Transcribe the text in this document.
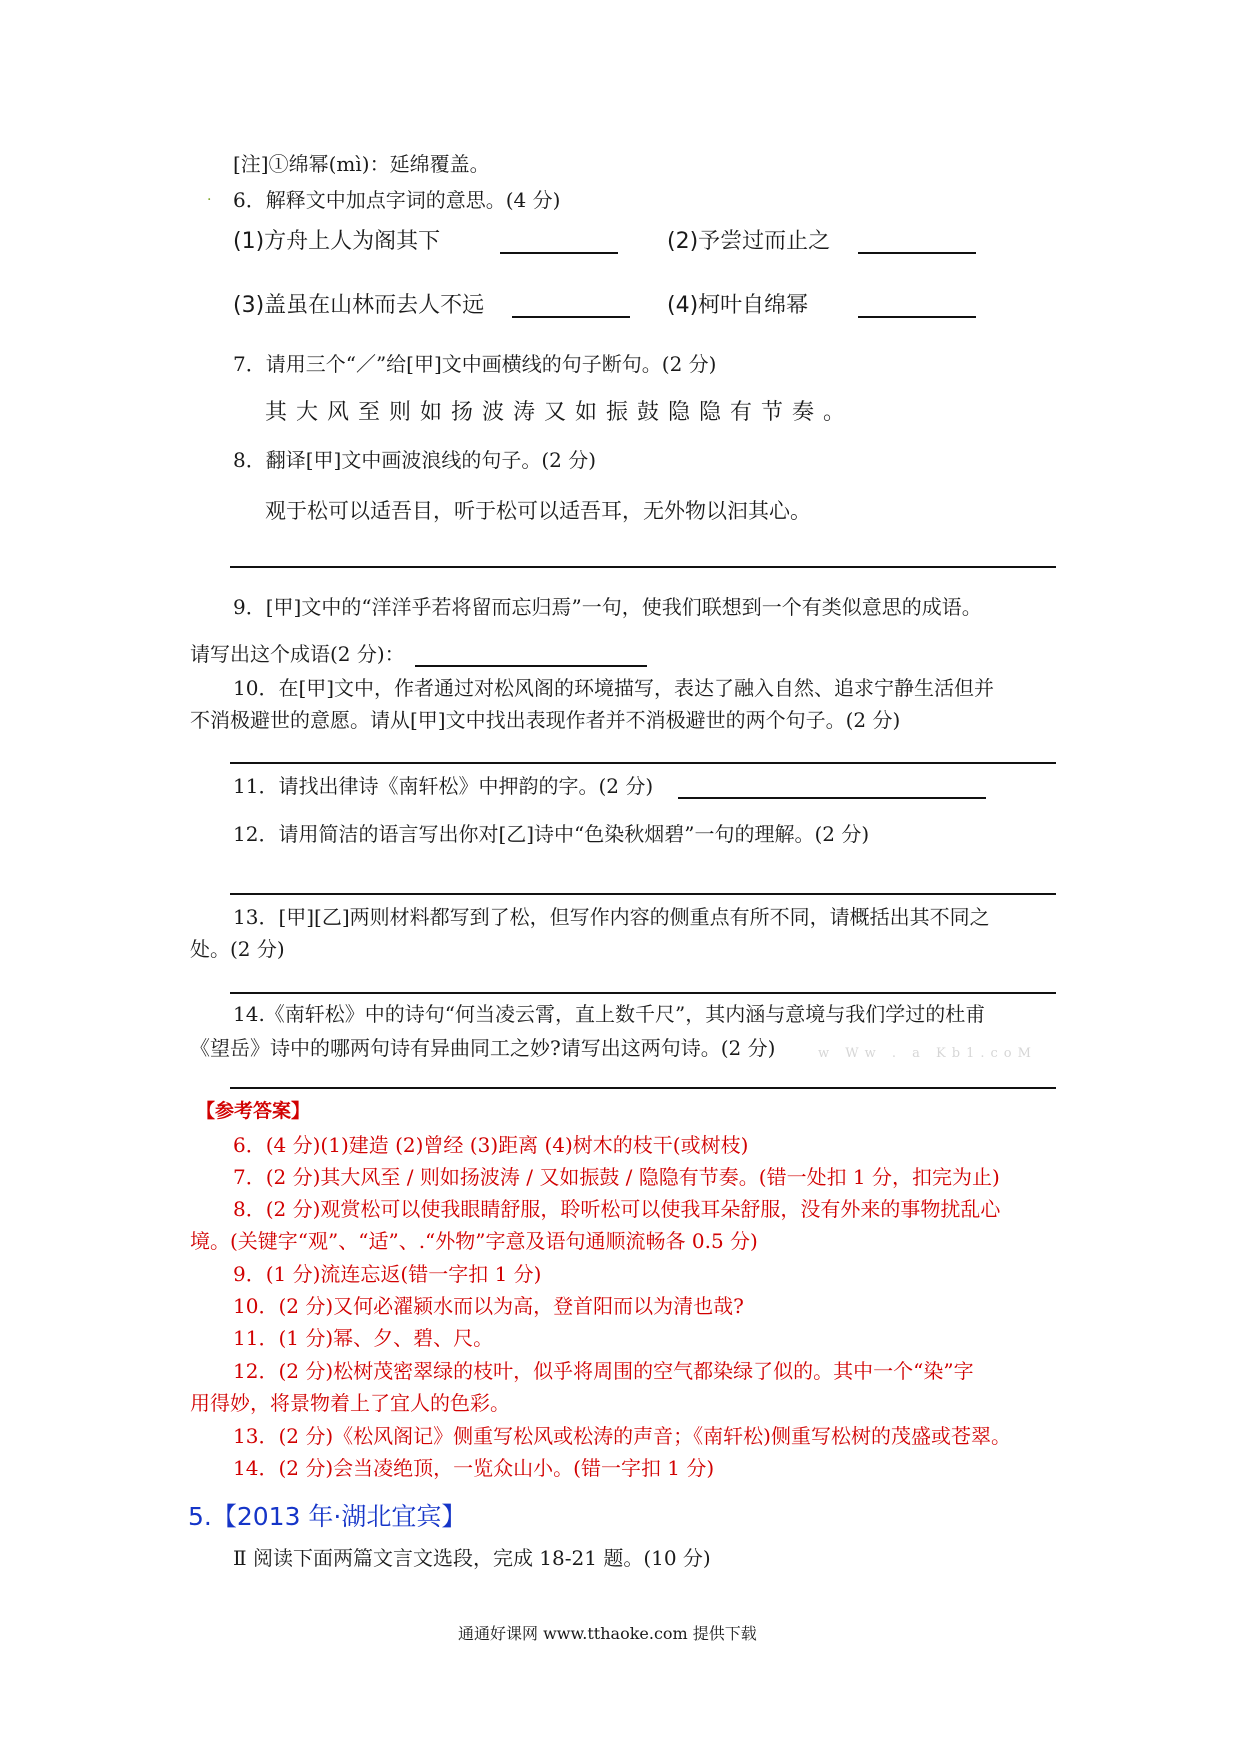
[注]①绵幂(mì)：延绵覆盖。
· 6．解释文中加点字词的意思。(4 分)
(1)方舟上人为阁其下	(2)予尝过而止之
(3)盖虽在山林而去人不远	(4)柯叶自绵幂
7．请用三个“／”给[甲]文中画横线的句子断句。(2 分)
其大风至则如扬波涛又如振鼓隐隐有节奏。
8．翻译[甲]文中画波浪线的句子。(2 分)
观于松可以适吾目，听于松可以适吾耳，无外物以汩其心。
9．[甲]文中的“洋洋乎若将留而忘归焉”一句，使我们联想到一个有类似意思的成语。
请写出这个成语(2 分)：
10．在[甲]文中，作者通过对松风阁的环境描写，表达了融入自然、追求宁静生活但并
不消极避世的意愿。请从[甲]文中找出表现作者并不消极避世的两个句子。(2 分)
11．请找出律诗《南轩松》中押韵的字。(2 分)
12．请用简洁的语言写出你对[乙]诗中“色染秋烟碧”一句的理解。(2 分)
13．[甲][乙]两则材料都写到了松，但写作内容的侧重点有所不同，请概括出其不同之
处。(2 分)
14.《南轩松》中的诗句“何当凌云霄，直上数千尺”，其内涵与意境与我们学过的杜甫
《望岳》诗中的哪两句诗有异曲同工之妙?请写出这两句诗。(2 分)	w Ww . a Kb1.coM
【参考答案】
6．(4 分)(1)建造 (2)曾经 (3)距离 (4)树木的枝干(或树枝)
7．(2 分)其大风至 / 则如扬波涛 / 又如振鼓 / 隐隐有节奏。(错一处扣 1 分，扣完为止)
8．(2 分)观赏松可以使我眼睛舒服，聆听松可以使我耳朵舒服，没有外来的事物扰乱心
境。(关键字“观”、“适”、.“外物”字意及语句通顺流畅各 0.5 分)
9．(1 分)流连忘返(错一字扣 1 分)
10．(2 分)又何必濯颍水而以为高，登首阳而以为清也哉?
11．(1 分)幂、夕、碧、尺。
12．(2 分)松树茂密翠绿的枝叶，似乎将周围的空气都染绿了似的。其中一个“染”字
用得妙，将景物着上了宜人的色彩。
13．(2 分)《松风阁记》侧重写松风或松涛的声音；《南轩松)侧重写松树的茂盛或苍翠。
14．(2 分)会当凌绝顶，一览众山小。(错一字扣 1 分)
5.【2013 年·湖北宜宾】
Ⅱ 阅读下面两篇文言文选段，完成 18-21 题。(10 分)
通通好课网 www.tthaoke.com 提供下载
